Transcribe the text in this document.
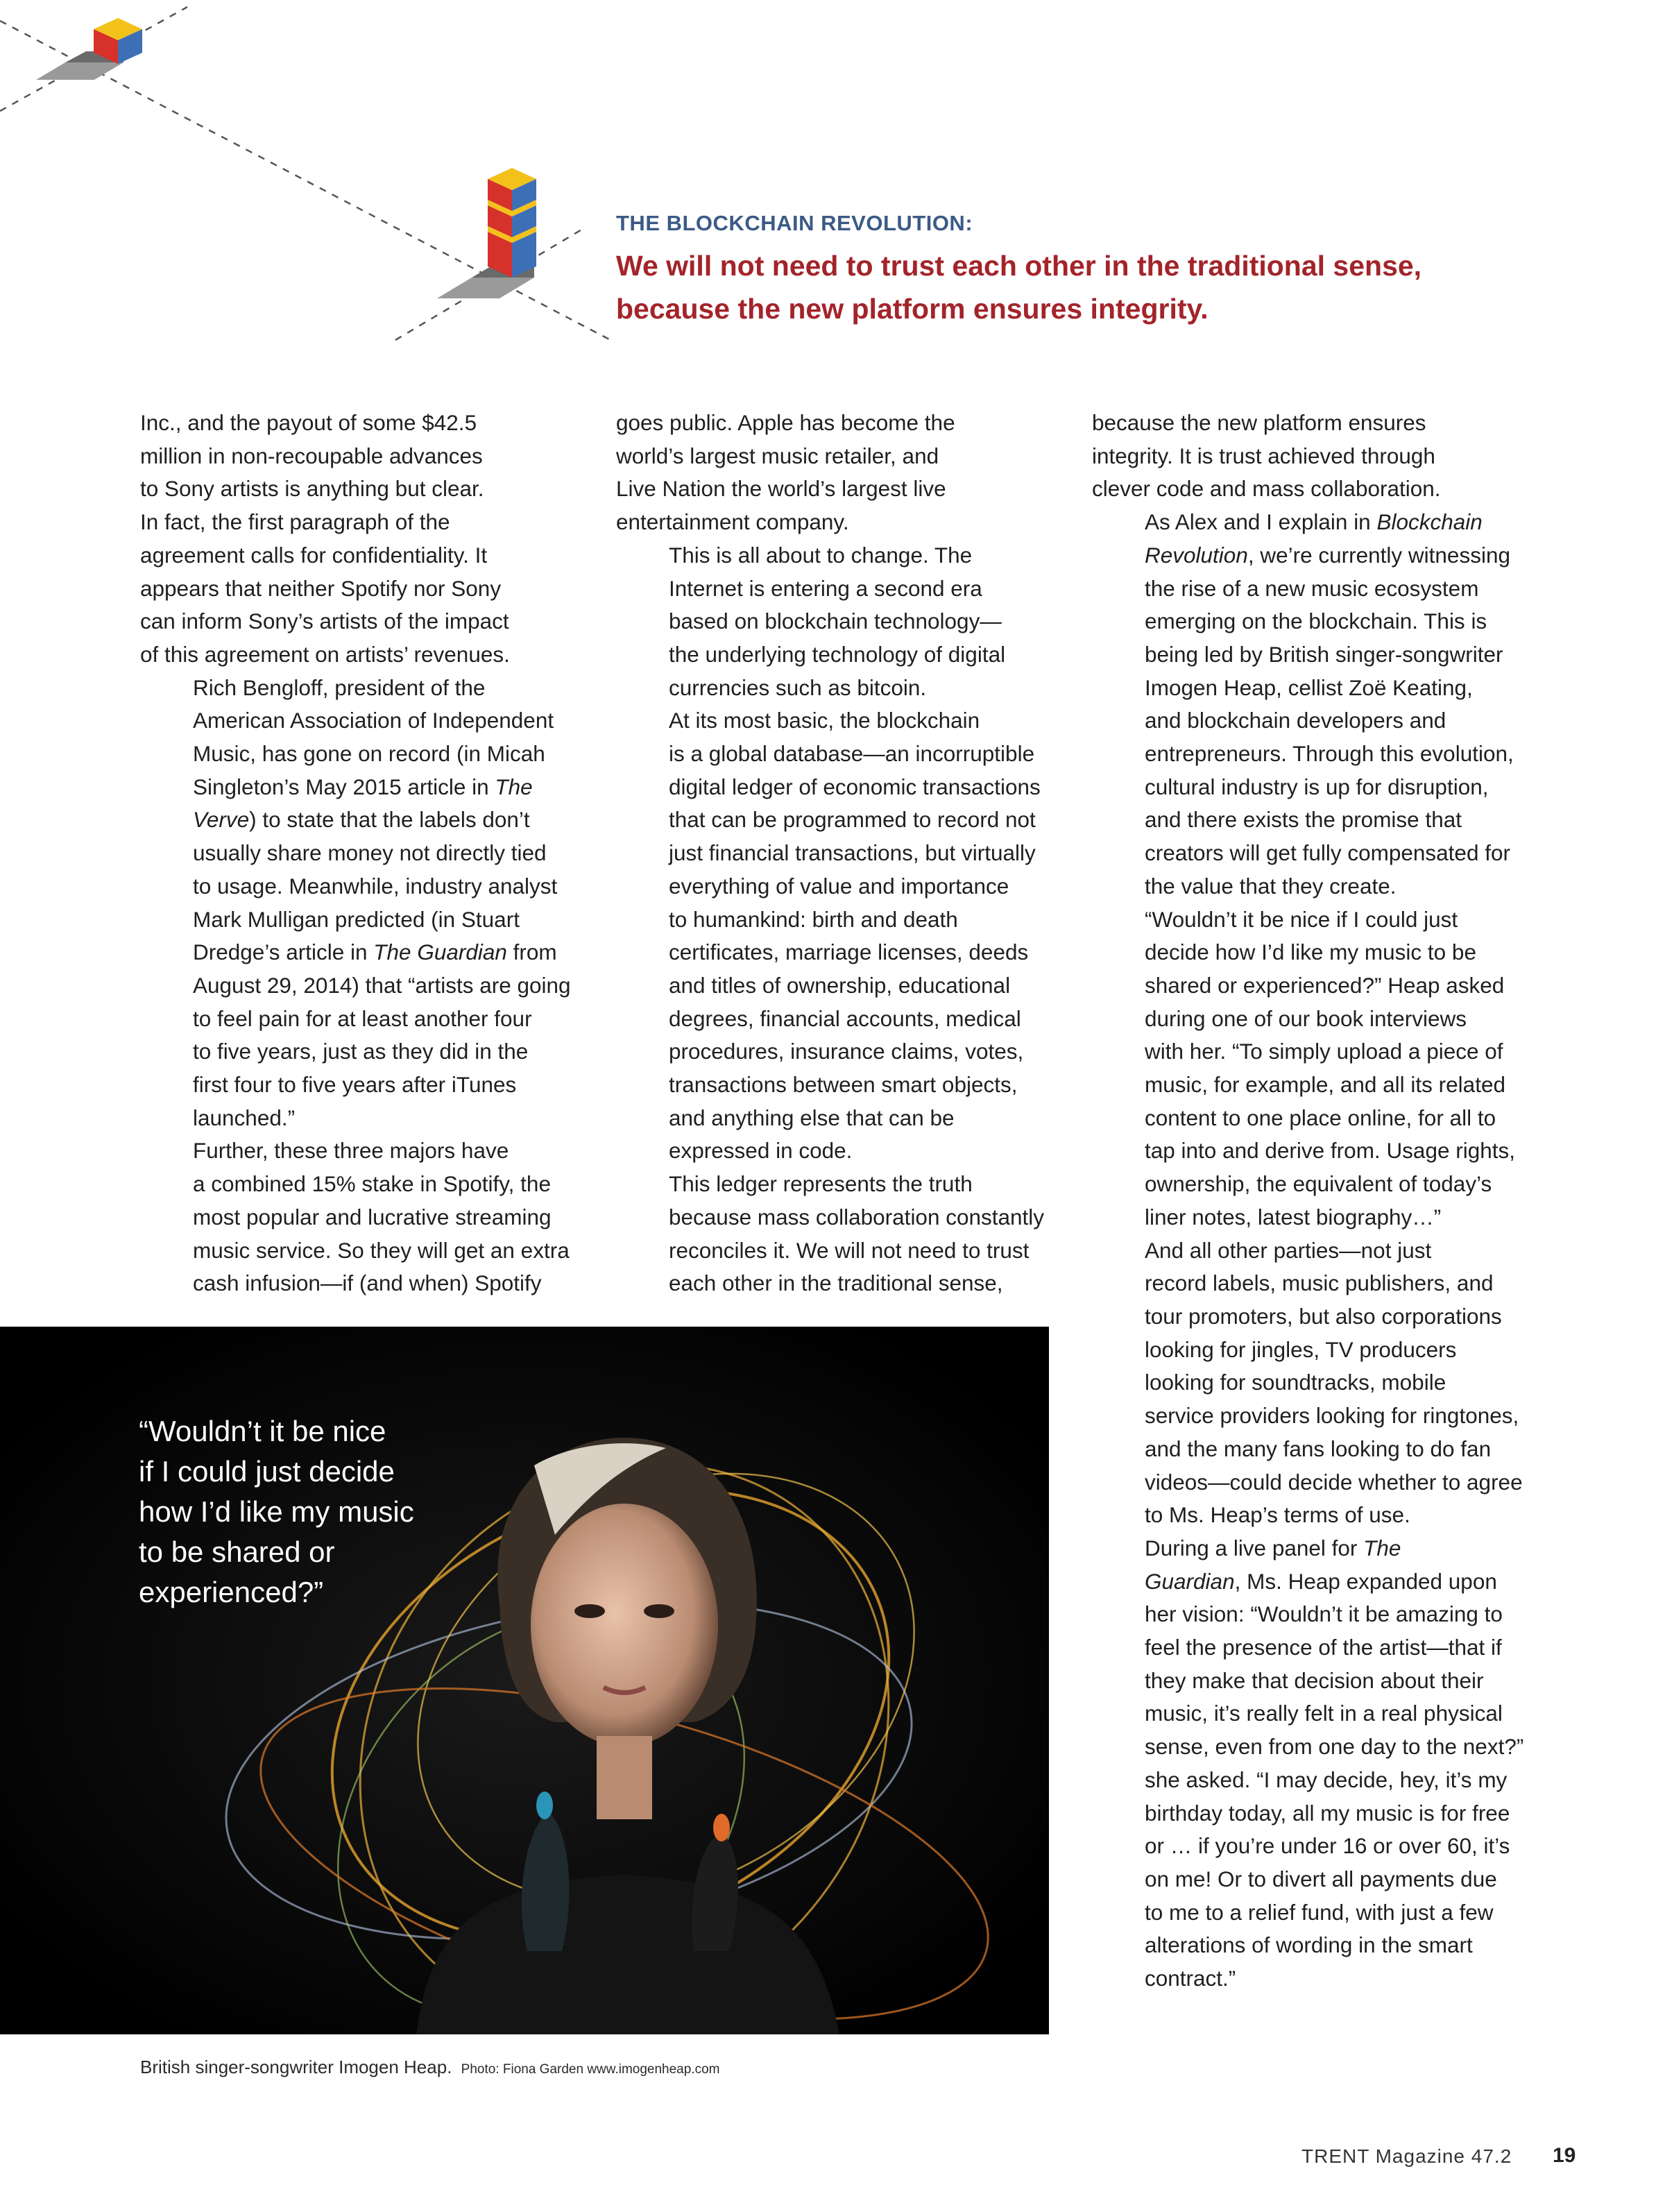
THE BLOCKCHAIN REVOLUTION:
We will not need to trust each other in the traditional sense,
because the new platform ensures integrity.

Inc., and the payout of some $42.5
million in non-recoupable advances
to Sony artists is anything but clear.
In fact, the first paragraph of the
agreement calls for confidentiality. It
appears that neither Spotify nor Sony
can inform Sony’s artists of the impact
of this agreement on artists’ revenues.

Rich Bengloff, president of the
American Association of Independent
Music, has gone on record (in Micah
Singleton’s May 2015 article in The
Verve) to state that the labels don’t
usually share money not directly tied
to usage. Meanwhile, industry analyst
Mark Mulligan predicted (in Stuart
Dredge’s article in The Guardian from
August 29, 2014) that “artists are going
to feel pain for at least another four
to five years, just as they did in the
first four to five years after iTunes
launched.”

Further, these three majors have
a combined 15% stake in Spotify, the
most popular and lucrative streaming
music service. So they will get an extra
cash infusion—if (and when) Spotify

goes public. Apple has become the
world’s largest music retailer, and
Live Nation the world’s largest live
entertainment company.

This is all about to change. The
Internet is entering a second era
based on blockchain technology—
the underlying technology of digital
currencies such as bitcoin.

At its most basic, the blockchain
is a global database—an incorruptible
digital ledger of economic transactions
that can be programmed to record not
just financial transactions, but virtually
everything of value and importance
to humankind: birth and death
certificates, marriage licenses, deeds
and titles of ownership, educational
degrees, financial accounts, medical
procedures, insurance claims, votes,
transactions between smart objects,
and anything else that can be
expressed in code.

This ledger represents the truth
because mass collaboration constantly
reconciles it. We will not need to trust
each other in the traditional sense,

because the new platform ensures
integrity. It is trust achieved through
clever code and mass collaboration.

As Alex and I explain in Blockchain
Revolution, we’re currently witnessing
the rise of a new music ecosystem
emerging on the blockchain. This is
being led by British singer-songwriter
Imogen Heap, cellist Zoë Keating,
and blockchain developers and
entrepreneurs. Through this evolution,
cultural industry is up for disruption,
and there exists the promise that
creators will get fully compensated for
the value that they create.

“Wouldn’t it be nice if I could just
decide how I’d like my music to be
shared or experienced?” Heap asked
during one of our book interviews
with her. “To simply upload a piece of
music, for example, and all its related
content to one place online, for all to
tap into and derive from. Usage rights,
ownership, the equivalent of today’s
liner notes, latest biography…”

And all other parties—not just
record labels, music publishers, and
tour promoters, but also corporations
looking for jingles, TV producers
looking for soundtracks, mobile
service providers looking for ringtones,
and the many fans looking to do fan
videos—could decide whether to agree
to Ms. Heap’s terms of use.

During a live panel for The
Guardian, Ms. Heap expanded upon
her vision: “Wouldn’t it be amazing to
feel the presence of the artist—that if
they make that decision about their
music, it’s really felt in a real physical
sense, even from one day to the next?”
she asked. “I may decide, hey, it’s my
birthday today, all my music is for free
or … if you’re under 16 or over 60, it’s
on me! Or to divert all payments due
to me to a relief fund, with just a few
alterations of wording in the smart
contract.”

“Wouldn’t it be nice
if I could just decide
how I’d like my music
to be shared or
experienced?”
British singer-songwriter Imogen Heap. Photo: Fiona Garden www.imogenheap.com
TRENT Magazine 47.2 19
